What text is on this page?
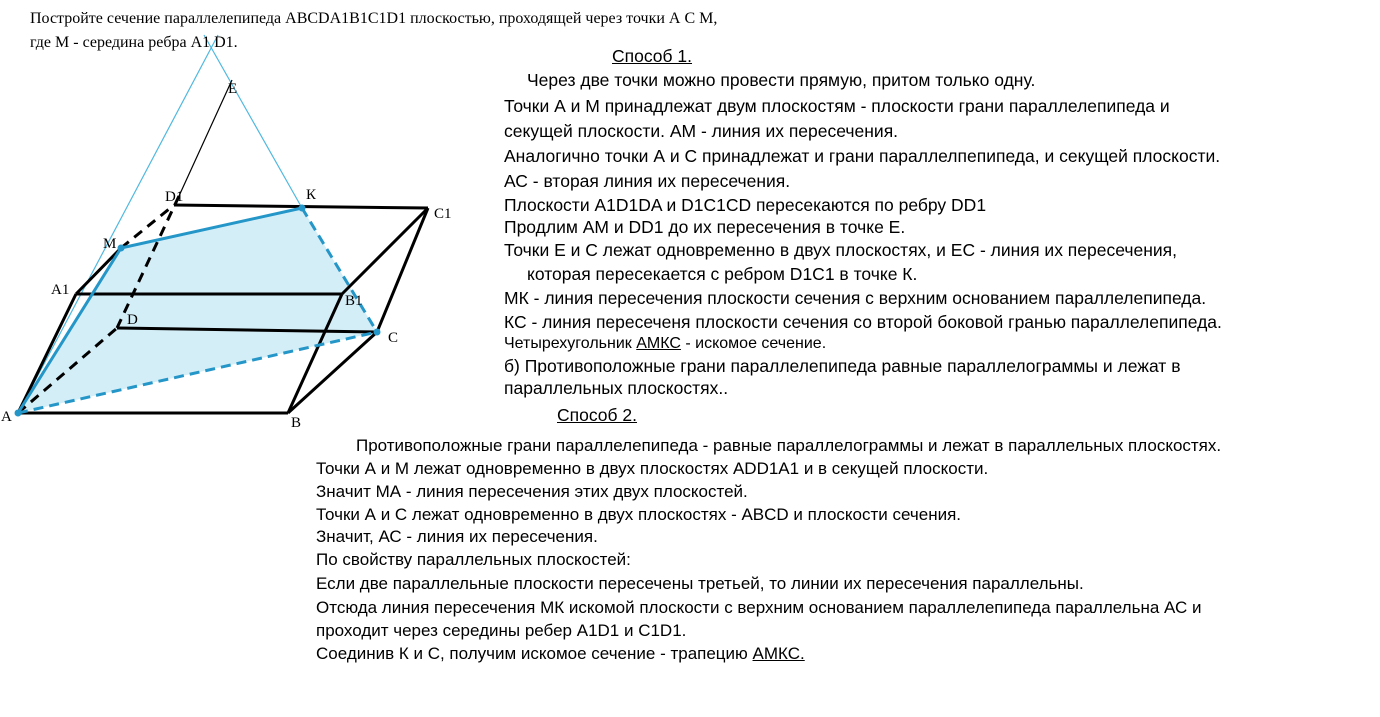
E
D1	К
C1
M
A1
B1
D
C
A	B
Постройте сечение параллелепипеда ABCDA1B1C1D1 плоскостью, проходящей через точки А С М,
где М - середина ребра A1 D1.
Способ 1.
Через две точки можно провести прямую, притом только одну.
Точки А и М принадлежат двум плоскостям - плоскости грани параллелепипеда и
секущей плоскости. АМ - линия их пересечения.
Аналогично точки А и С принадлежат и грани параллелпепипеда, и секущей плоскости.
АС - вторая линия их пересечения.
Плоскости A1D1DA и D1C1CD пересекаются по ребру DD1
Продлим АМ и DD1 до их пересечения в точке Е.
Точки Е и С лежат одновременно в двух плоскостях, и ЕС - линия их пересечения,
которая пересекается с ребром D1C1 в точке К.
МК - линия пересечения плоскости сечения с верхним основанием параллелепипеда.
КС - линия пересеченя плоскости сечения со второй боковой гранью параллелепипеда.
Четырехугольник АМКС - искомое сечение.
б) Противоположные грани параллелепипеда равные параллелограммы и лежат в
параллельных плоскостях..
Способ 2.
Противоположные грани параллелепипеда - равные параллелограммы и лежат в параллельных плоскостях.
Точки А и М лежат одновременно в двух плоскостях ADD1A1 и в секущей плоскости.
Значит МА - линия пересечения этих двух плоскостей.
Точки А и С лежат одновременно в двух плоскостях - ABCD и плоскости сечения.
Значит, АС - линия их пересечения.
По свойству параллельных плоскостей:
Если две параллельные плоскости пересечены третьей, то линии их пересечения параллельны.
Отсюда линия пересечения МК искомой плоскости с верхним основанием параллелепипеда параллельна АС и
проходит через середины ребер A1D1 и C1D1.
Соединив К и С, получим искомое сечение - трапецию АМКС.
